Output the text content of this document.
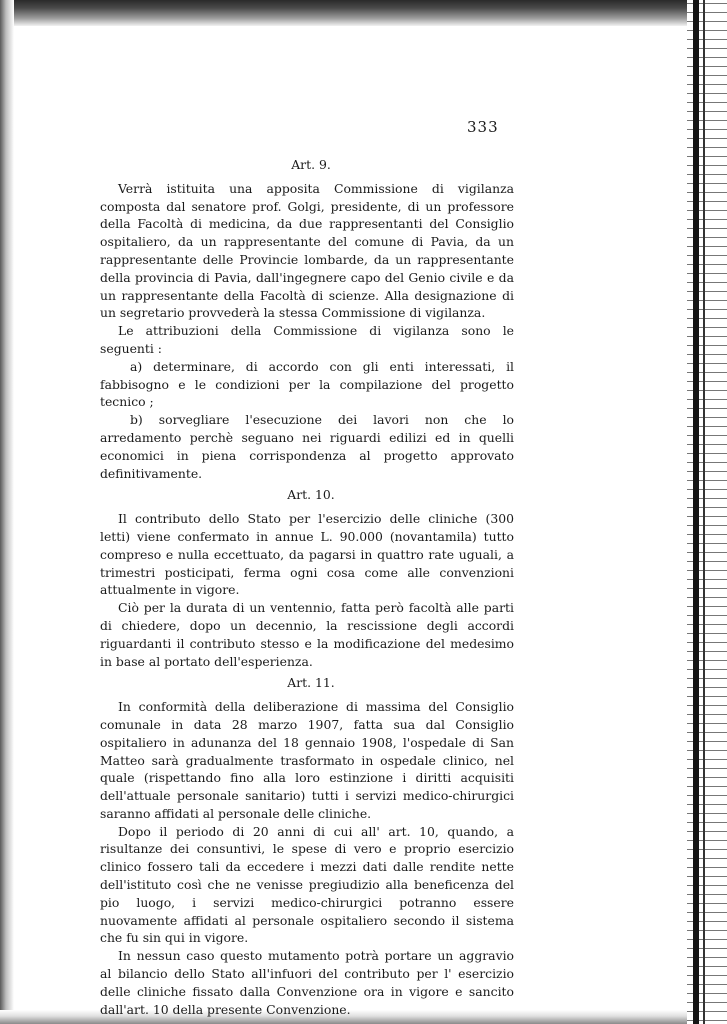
333
Art. 9.

Verrà istituita una apposita Commissione di vigilanza composta dal senatore prof. Golgi, presidente, di un professore della Facoltà di medicina, da due rappresentanti del Consiglio ospitaliero, da un rappresentante del comune di Pavia, da un rappresentante delle Provincie lombarde, da un rappresentante della provincia di Pavia, dall'ingegnere capo del Genio civile e da un rappresentante della Facoltà di scienze. Alla designazione di un segretario provvederà la stessa Commissione di vigilanza.

Le attribuzioni della Commissione di vigilanza sono le seguenti :

a) determinare, di accordo con gli enti interessati, il fabbisogno e le condizioni per la compilazione del progetto tecnico ;

b) sorvegliare l'esecuzione dei lavori non che lo arredamento perchè seguano nei riguardi edilizi ed in quelli economici in piena corrispondenza al progetto approvato definitivamente.

Art. 10.

Il contributo dello Stato per l'esercizio delle cliniche (300 letti) viene confermato in annue L. 90.000 (novantamila) tutto compreso e nulla eccettuato, da pagarsi in quattro rate uguali, a trimestri posticipati, ferma ogni cosa come alle convenzioni attualmente in vigore.

Ciò per la durata di un ventennio, fatta però facoltà alle parti di chiedere, dopo un decennio, la rescissione degli accordi riguardanti il contributo stesso e la modificazione del medesimo in base al portato dell'esperienza.

Art. 11.

In conformità della deliberazione di massima del Consiglio comunale in data 28 marzo 1907, fatta sua dal Consiglio ospitaliero in adunanza del 18 gennaio 1908, l'ospedale di San Matteo sarà gradualmente trasformato in ospedale clinico, nel quale (rispettando fino alla loro estinzione i diritti acquisiti dell'attuale personale sanitario) tutti i servizi medico-chirurgici saranno affidati al personale delle cliniche.

Dopo il periodo di 20 anni di cui all' art. 10, quando, a risultanze dei consuntivi, le spese di vero e proprio esercizio clinico fossero tali da eccedere i mezzi dati dalle rendite nette dell'istituto così che ne venisse pregiudizio alla beneficenza del pio luogo, i servizi medico-chirurgici potranno essere nuovamente affidati al personale ospitaliero secondo il sistema che fu sin qui in vigore.

In nessun caso questo mutamento potrà portare un aggravio al bilancio dello Stato all'infuori del contributo per l' esercizio delle cliniche fissato dalla Convenzione ora in vigore e sancito dall'art. 10 della presente Convenzione.
